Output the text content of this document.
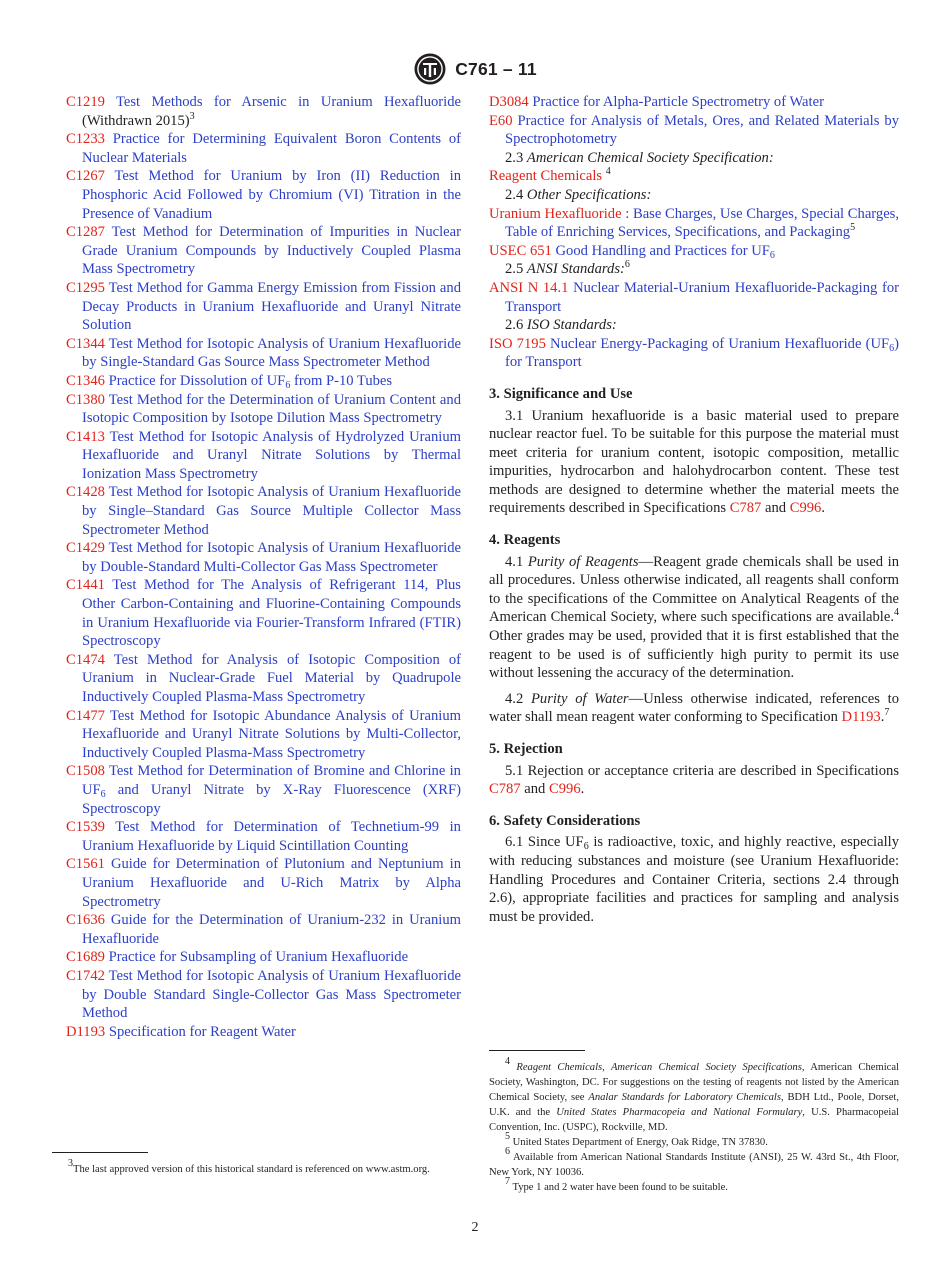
C761 – 11
C1219 Test Methods for Arsenic in Uranium Hexafluoride (Withdrawn 2015)$^3$
C1233 Practice for Determining Equivalent Boron Contents of Nuclear Materials
C1267 Test Method for Uranium by Iron (II) Reduction in Phosphoric Acid Followed by Chromium (VI) Titration in the Presence of Vanadium
C1287 Test Method for Determination of Impurities in Nuclear Grade Uranium Compounds by Inductively Coupled Plasma Mass Spectrometry
C1295 Test Method for Gamma Energy Emission from Fission and Decay Products in Uranium Hexafluoride and Uranyl Nitrate Solution
C1344 Test Method for Isotopic Analysis of Uranium Hexafluoride by Single-Standard Gas Source Mass Spectrometer Method
C1346 Practice for Dissolution of $UF_6$ from P-10 Tubes
C1380 Test Method for the Determination of Uranium Content and Isotopic Composition by Isotope Dilution Mass Spectrometry
C1413 Test Method for Isotopic Analysis of Hydrolyzed Uranium Hexafluoride and Uranyl Nitrate Solutions by Thermal Ionization Mass Spectrometry
C1428 Test Method for Isotopic Analysis of Uranium Hexafluoride by Single–Standard Gas Source Multiple Collector Mass Spectrometer Method
C1429 Test Method for Isotopic Analysis of Uranium Hexafluoride by Double-Standard Multi-Collector Gas Mass Spectrometer
C1441 Test Method for The Analysis of Refrigerant 114, Plus Other Carbon-Containing and Fluorine-Containing Compounds in Uranium Hexafluoride via Fourier-Transform Infrared (FTIR) Spectroscopy
C1474 Test Method for Analysis of Isotopic Composition of Uranium in Nuclear-Grade Fuel Material by Quadrupole Inductively Coupled Plasma-Mass Spectrometry
C1477 Test Method for Isotopic Abundance Analysis of Uranium Hexafluoride and Uranyl Nitrate Solutions by Multi-Collector, Inductively Coupled Plasma-Mass Spectrometry
C1508 Test Method for Determination of Bromine and Chlorine in $UF_6$ and Uranyl Nitrate by X-Ray Fluorescence (XRF) Spectroscopy
C1539 Test Method for Determination of Technetium-99 in Uranium Hexafluoride by Liquid Scintillation Counting
C1561 Guide for Determination of Plutonium and Neptunium in Uranium Hexafluoride and U-Rich Matrix by Alpha Spectrometry
C1636 Guide for the Determination of Uranium-232 in Uranium Hexafluoride
C1689 Practice for Subsampling of Uranium Hexafluoride
C1742 Test Method for Isotopic Analysis of Uranium Hexafluoride by Double Standard Single-Collector Gas Mass Spectrometer Method
D1193 Specification for Reagent Water
D3084 Practice for Alpha-Particle Spectrometry of Water
E60 Practice for Analysis of Metals, Ores, and Related Materials by Spectrophotometry
2.3 American Chemical Society Specification:
Reagent Chemicals $^4$
2.4 Other Specifications:
Uranium Hexafluoride : Base Charges, Use Charges, Special Charges, Table of Enriching Services, Specifications, and Packaging$^5$
USEC 651 Good Handling and Practices for $UF_6$
2.5 ANSI Standards:$^6$
ANSI N 14.1 Nuclear Material-Uranium Hexafluoride-Packaging for Transport
2.6 ISO Standards:
ISO 7195 Nuclear Energy-Packaging of Uranium Hexafluoride $(UF_6)$ for Transport
3. Significance and Use
3.1 Uranium hexafluoride is a basic material used to prepare nuclear reactor fuel. To be suitable for this purpose the material must meet criteria for uranium content, isotopic composition, metallic impurities, hydrocarbon and halohydrocarbon content. These test methods are designed to determine whether the material meets the requirements described in Specifications C787 and C996.
4. Reagents
4.1 Purity of Reagents—Reagent grade chemicals shall be used in all procedures. Unless otherwise indicated, all reagents shall conform to the specifications of the Committee on Analytical Reagents of the American Chemical Society, where such specifications are available.$^4$ Other grades may be used, provided that it is first established that the reagent to be used is of sufficiently high purity to permit its use without lessening the accuracy of the determination.
4.2 Purity of Water—Unless otherwise indicated, references to water shall mean reagent water conforming to Specification D1193.$^7$
5. Rejection
5.1 Rejection or acceptance criteria are described in Specifications C787 and C996.
6. Safety Considerations
6.1 Since $UF_6$ is radioactive, toxic, and highly reactive, especially with reducing substances and moisture (see Uranium Hexafluoride: Handling Procedures and Container Criteria, sections 2.4 through 2.6), appropriate facilities and practices for sampling and analysis must be provided.
3The last approved version of this historical standard is referenced on www.astm.org.
4 Reagent Chemicals, American Chemical Society Specifications, American Chemical Society, Washington, DC. For suggestions on the testing of reagents not listed by the American Chemical Society, see Analar Standards for Laboratory Chemicals, BDH Ltd., Poole, Dorset, U.K. and the United States Pharmacopeia and National Formulary, U.S. Pharmacopeial Convention, Inc. (USPC), Rockville, MD.
5 United States Department of Energy, Oak Ridge, TN 37830.
6 Available from American National Standards Institute (ANSI), 25 W. 43rd St., 4th Floor, New York, NY 10036.
7 Type 1 and 2 water have been found to be suitable.
2
